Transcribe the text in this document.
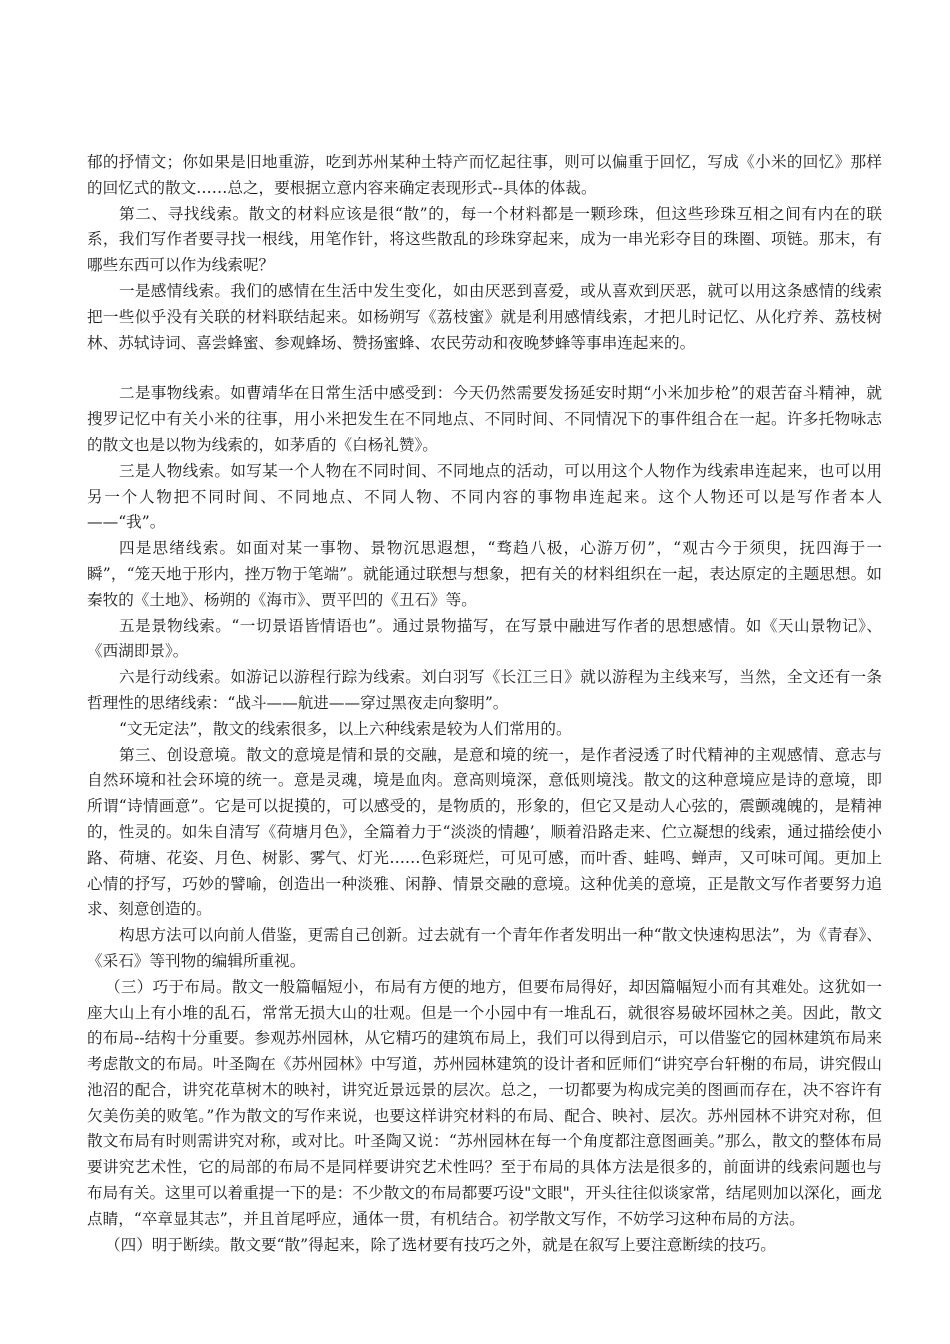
郁的抒情文；你如果是旧地重游，吃到苏州某种土特产而忆起往事，则可以偏重于回忆，写成《小米的回忆》那样的回忆式的散文……总之，要根据立意内容来确定表现形式--具体的体裁。

第二、寻找线索。散文的材料应该是很“散”的，每一个材料都是一颗珍珠，但这些珍珠互相之间有内在的联系，我们写作者要寻找一根线，用笔作针，将这些散乱的珍珠穿起来，成为一串光彩夺目的珠圈、项链。那末，有哪些东西可以作为线索呢？

一是感情线索。我们的感情在生活中发生变化，如由厌恶到喜爱，或从喜欢到厌恶，就可以用这条感情的线索把一些似乎没有关联的材料联结起来。如杨朔写《荔枝蜜》就是利用感情线索，才把儿时记忆、从化疗养、荔枝树林、苏轼诗词、喜尝蜂蜜、参观蜂场、赞扬蜜蜂、农民劳动和夜晚梦蜂等事串连起来的。

二是事物线索。如曹靖华在日常生活中感受到：今天仍然需要发扬延安时期“小米加步枪”的艰苦奋斗精神，就搜罗记忆中有关小米的往事，用小米把发生在不同地点、不同时间、不同情况下的事件组合在一起。许多托物咏志的散文也是以物为线索的，如茅盾的《白杨礼赞》。

三是人物线索。如写某一个人物在不同时间、不同地点的活动，可以用这个人物作为线索串连起来，也可以用另一个人物把不同时间、不同地点、不同人物、不同内容的事物串连起来。这个人物还可以是写作者本人——“我”。

四是思绪线索。如面对某一事物、景物沉思遐想，“骛趋八极，心游万仞”，“观古今于须臾，抚四海于一瞬”，“笼天地于形内，挫万物于笔端”。就能通过联想与想象，把有关的材料组织在一起，表达原定的主题思想。如秦牧的《土地》、杨朔的《海市》、贾平凹的《丑石》等。

五是景物线索。“一切景语皆情语也”。通过景物描写，在写景中融进写作者的思想感情。如《天山景物记》、《西湖即景》。

六是行动线索。如游记以游程行踪为线索。刘白羽写《长江三日》就以游程为主线来写，当然，全文还有一条哲理性的思绪线索：“战斗——航进——穿过黑夜走向黎明”。

“文无定法”，散文的线索很多，以上六种线索是较为人们常用的。

第三、创设意境。散文的意境是情和景的交融，是意和境的统一，是作者浸透了时代精神的主观感情、意志与自然环境和社会环境的统一。意是灵魂，境是血肉。意高则境深，意低则境浅。散文的这种意境应是诗的意境，即所谓“诗情画意”。它是可以捉摸的，可以感受的，是物质的，形象的，但它又是动人心弦的，震颤魂魄的，是精神的，性灵的。如朱自清写《荷塘月色》，全篇着力于“淡淡的情趣’，顺着沿路走来、伫立凝想的线索，通过描绘使小路、荷塘、花姿、月色、树影、雾气、灯光……色彩斑烂，可见可感，而叶香、蛙鸣、蝉声，又可味可闻。更加上心情的抒写，巧妙的譬喻，创造出一种淡雅、闲静、情景交融的意境。这种优美的意境，正是散文写作者要努力追求、刻意创造的。

构思方法可以向前人借鉴，更需自己创新。过去就有一个青年作者发明出一种“散文快速构思法”，为《青春》、《采石》等刊物的编辑所重视。

（三）巧于布局。散文一般篇幅短小，布局有方便的地方，但要布局得好，却因篇幅短小而有其难处。这犹如一座大山上有小堆的乱石，常常无损大山的壮观。但是一个小园中有一堆乱石，就很容易破坏园林之美。因此，散文的布局--结构十分重要。参观苏州园林，从它精巧的建筑布局上，我们可以得到启示，可以借鉴它的园林建筑布局来考虑散文的布局。叶圣陶在《苏州园林》中写道，苏州园林建筑的设计者和匠师们“讲究亭台轩榭的布局，讲究假山池沼的配合，讲究花草树木的映衬，讲究近景远景的层次。总之，一切都要为构成完美的图画而存在，决不容许有欠美伤美的败笔。”作为散文的写作来说，也要这样讲究材料的布局、配合、映衬、层次。苏州园林不讲究对称，但散文布局有时则需讲究对称，或对比。叶圣陶又说：“苏州园林在每一个角度都注意图画美。”那么，散文的整体布局要讲究艺术性，它的局部的布局不是同样要讲究艺术性吗？至于布局的具体方法是很多的，前面讲的线索问题也与布局有关。这里可以着重提一下的是：不少散文的布局都要巧设"文眼"，开头往往似谈家常，结尾则加以深化，画龙点睛，“卒章显其志”，并且首尾呼应，通体一贯，有机结合。初学散文写作，不妨学习这种布局的方法。

（四）明于断续。散文要“散”得起来，除了选材要有技巧之外，就是在叙写上要注意断续的技巧。
